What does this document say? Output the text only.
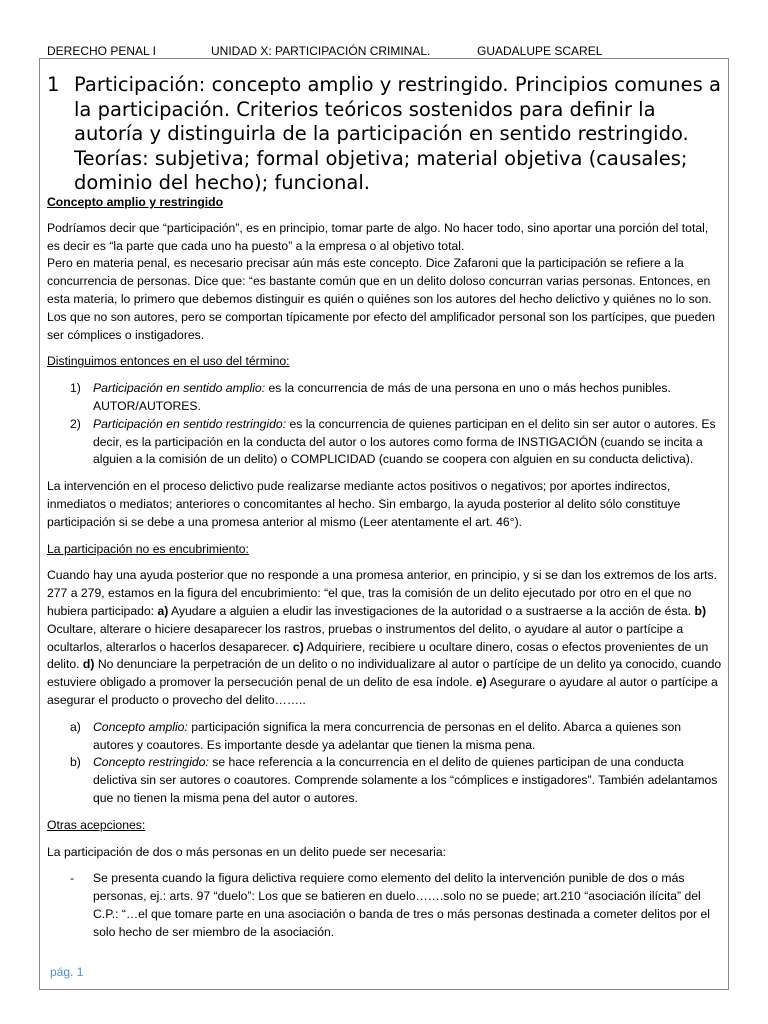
DERECHO PENAL I	UNIDAD X: PARTICIPACIÓN CRIMINAL.	GUADALUPE SCAREL
1 Participación: concepto amplio y restringido. Principios comunes a la participación. Criterios teóricos sostenidos para definir la autoría y distinguirla de la participación en sentido restringido. Teorías: subjetiva; formal objetiva; material objetiva (causales; dominio del hecho); funcional.

Concepto amplio y restringido

Podríamos decir que “participación”, es en principio, tomar parte de algo. No hacer todo, sino aportar una porción del total, es decir es “la parte que cada uno ha puesto” a la empresa o al objetivo total.

Pero en materia penal, es necesario precisar aún más este concepto. Dice Zafaroni que la participación se refiere a la concurrencia de personas. Dice que: “es bastante común que en un delito doloso concurran varias personas. Entonces, en esta materia, lo primero que debemos distinguir es quién o quiénes son los autores del hecho delictivo y quiénes no lo son. Los que no son autores, pero se comportan típicamente por efecto del amplificador personal son los partícipes, que pueden ser cómplices o instigadores.

Distinguimos entonces en el uso del término:

1) Participación en sentido amplio: es la concurrencia de más de una persona en uno o más hechos punibles. AUTOR/AUTORES.
2) Participación en sentido restringido: es la concurrencia de quienes participan en el delito sin ser autor o autores. Es decir, es la participación en la conducta del autor o los autores como forma de INSTIGACIÓN (cuando se incita a alguien a la comisión de un delito) o COMPLICIDAD (cuando se coopera con alguien en su conducta delictiva).

La intervención en el proceso delictivo pude realizarse mediante actos positivos o negativos; por aportes indirectos, inmediatos o mediatos; anteriores o concomitantes al hecho. Sin embargo, la ayuda posterior al delito sólo constituye participación si se debe a una promesa anterior al mismo (Leer atentamente el art. 46°).

La participación no es encubrimiento:

Cuando hay una ayuda posterior que no responde a una promesa anterior, en principio, y si se dan los extremos de los arts. 277 a 279, estamos en la figura del encubrimiento: “el que, tras la comisión de un delito ejecutado por otro en el que no hubiera participado: a) Ayudare a alguien a eludir las investigaciones de la autoridad o a sustraerse a la acción de ésta. b) Ocultare, alterare o hiciere desaparecer los rastros, pruebas o instrumentos del delito, o ayudare al autor o partícipe a ocultarlos, alterarlos o hacerlos desaparecer. c) Adquiriere, recibiere u ocultare dinero, cosas o efectos provenientes de un delito. d) No denunciare la perpetración de un delito o no individualizare al autor o partícipe de un delito ya conocido, cuando estuviere obligado a promover la persecución penal de un delito de esa índole. e) Asegurare o ayudare al autor o partícipe a asegurar el producto o provecho del delito……..

a) Concepto amplio: participación significa la mera concurrencia de personas en el delito. Abarca a quienes son autores y coautores. Es importante desde ya adelantar que tienen la misma pena.
b) Concepto restringido: se hace referencia a la concurrencia en el delito de quienes participan de una conducta delictiva sin ser autores o coautores. Comprende solamente a los “cómplices e instigadores”. También adelantamos que no tienen la misma pena del autor o autores.

Otras acepciones:

La participación de dos o más personas en un delito puede ser necesaria:

- Se presenta cuando la figura delictiva requiere como elemento del delito la intervención punible de dos o más personas, ej.: arts. 97 “duelo”: Los que se batieren en duelo…….solo no se puede; art.210 “asociación ilícita” del C.P.: “…el que tomare parte en una asociación o banda de tres o más personas destinada a cometer delitos por el solo hecho de ser miembro de la asociación.
pág. 1
